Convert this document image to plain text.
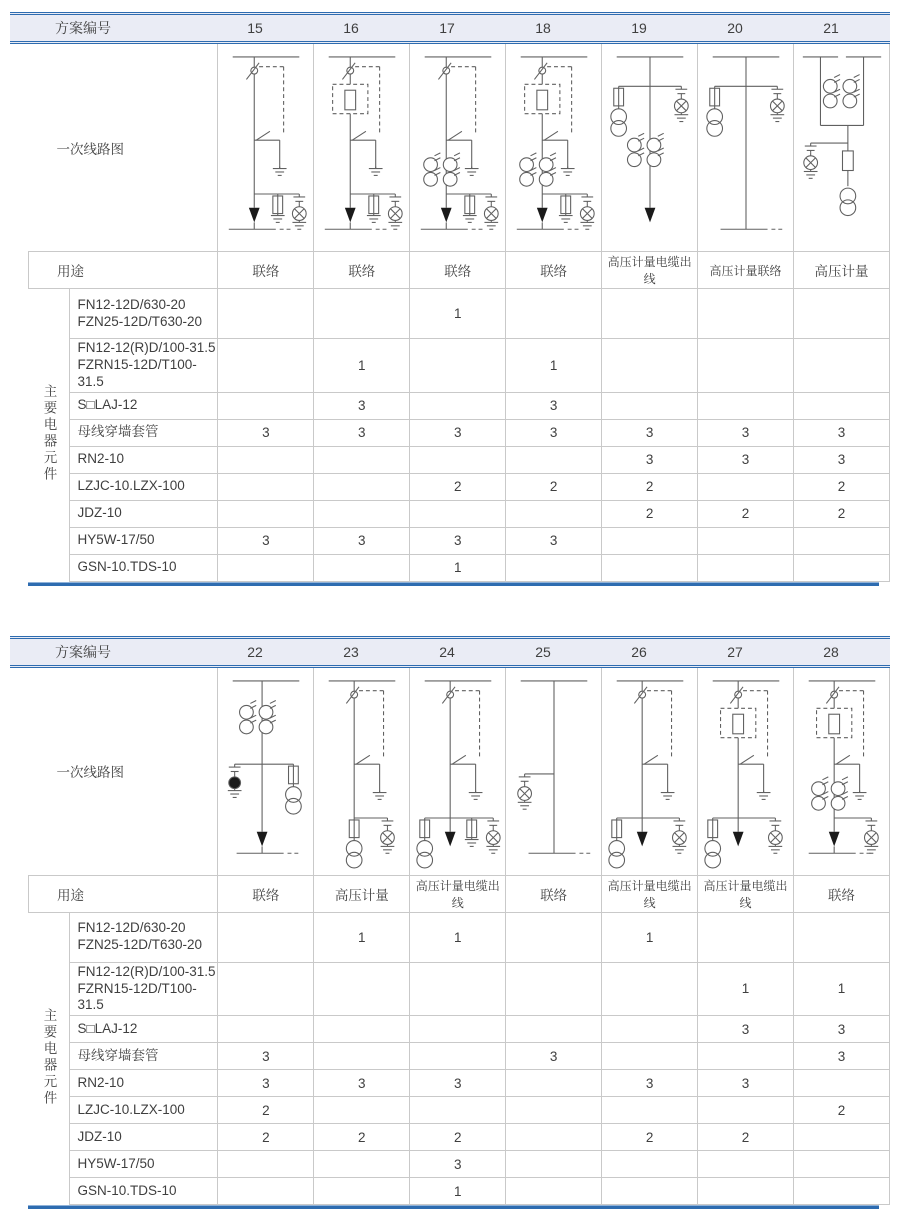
方案编号	15	16	17	18	19	20	21
一次线路图	

用途		联络	联络	联络	联络	高压计量电缆出线	高压计量联络	高压计量
主要电器元件	FN12-12D/630-20
FZN25-12D/T630-20			1				

	FN12-12(R)D/100-31.5
FZRN15-12D/T100-31.5		1		1			

	S□LAJ-12		3		3			

	母线穿墙套管	3	3	3	3	3	3	3

	RN2-10					3	3	3

	LZJC-10.LZX-100			2	2	2		2

	JDZ-10					2	2	2

	HY5W-17/50	3	3	3	3			

	GSN-10.TDS-10			1				
方案编号	22	23	24	25	26	27	28
一次线路图	

用途		联络	高压计量	高压计量电缆出线	联络	高压计量电缆出线	高压计量电缆出线	联络
主要电器元件	FN12-12D/630-20
FZN25-12D/T630-20		1	1		1		

	FN12-12(R)D/100-31.5
FZRN15-12D/T100-31.5						1	1

	S□LAJ-12						3	3

	母线穿墙套管	3			3			3

	RN2-10	3	3	3		3	3	

	LZJC-10.LZX-100	2						2

	JDZ-10	2	2	2		2	2	

	HY5W-17/50			3				

	GSN-10.TDS-10			1				
